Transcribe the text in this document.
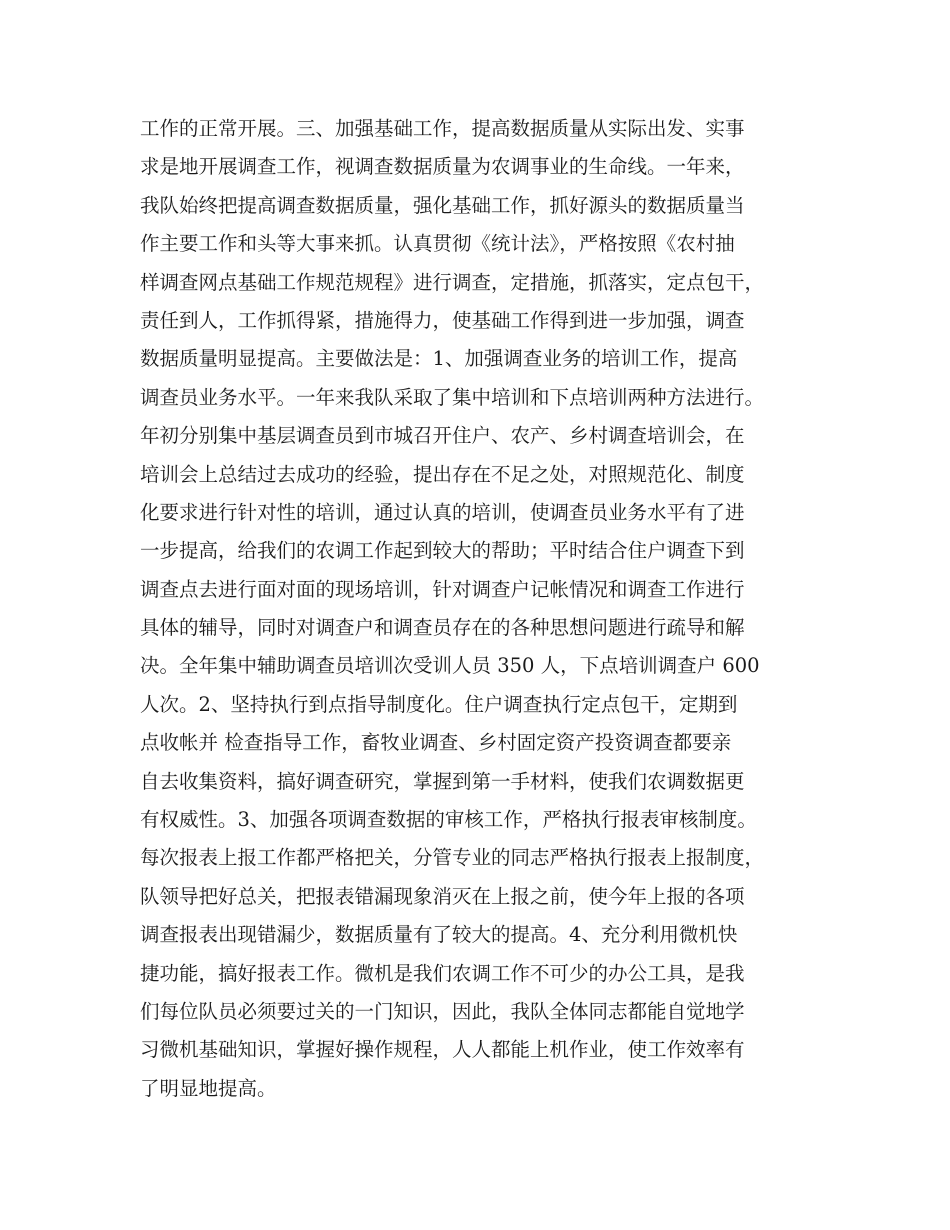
工作的正常开展。三、加强基础工作，提高数据质量从实际出发、实事
求是地开展调查工作，视调查数据质量为农调事业的生命线。一年来，
我队始终把提高调查数据质量，强化基础工作，抓好源头的数据质量当
作主要工作和头等大事来抓。认真贯彻《统计法》，严格按照《农村抽
样调查网点基础工作规范规程》进行调查，定措施，抓落实，定点包干，
责任到人，工作抓得紧，措施得力，使基础工作得到进一步加强，调查
数据质量明显提高。主要做法是：1、加强调查业务的培训工作，提高
调查员业务水平。一年来我队采取了集中培训和下点培训两种方法进行。
年初分别集中基层调查员到市城召开住户、农产、乡村调查培训会，在
培训会上总结过去成功的经验，提出存在不足之处，对照规范化、制度
化要求进行针对性的培训，通过认真的培训，使调查员业务水平有了进
一步提高，给我们的农调工作起到较大的帮助；平时结合住户调查下到
调查点去进行面对面的现场培训，针对调查户记帐情况和调查工作进行
具体的辅导，同时对调查户和调查员存在的各种思想问题进行疏导和解
决。全年集中辅助调查员培训次受训人员 350 人，下点培训调查户 600
人次。2、坚持执行到点指导制度化。住户调查执行定点包干，定期到
点收帐并 检查指导工作，畜牧业调查、乡村固定资产投资调查都要亲
自去收集资料，搞好调查研究，掌握到第一手材料，使我们农调数据更
有权威性。3、加强各项调查数据的审核工作，严格执行报表审核制度。
每次报表上报工作都严格把关，分管专业的同志严格执行报表上报制度，
队领导把好总关，把报表错漏现象消灭在上报之前，使今年上报的各项
调查报表出现错漏少，数据质量有了较大的提高。4、充分利用微机快
捷功能，搞好报表工作。微机是我们农调工作不可少的办公工具，是我
们每位队员必须要过关的一门知识，因此，我队全体同志都能自觉地学
习微机基础知识，掌握好操作规程，人人都能上机作业，使工作效率有
了明显地提高。
